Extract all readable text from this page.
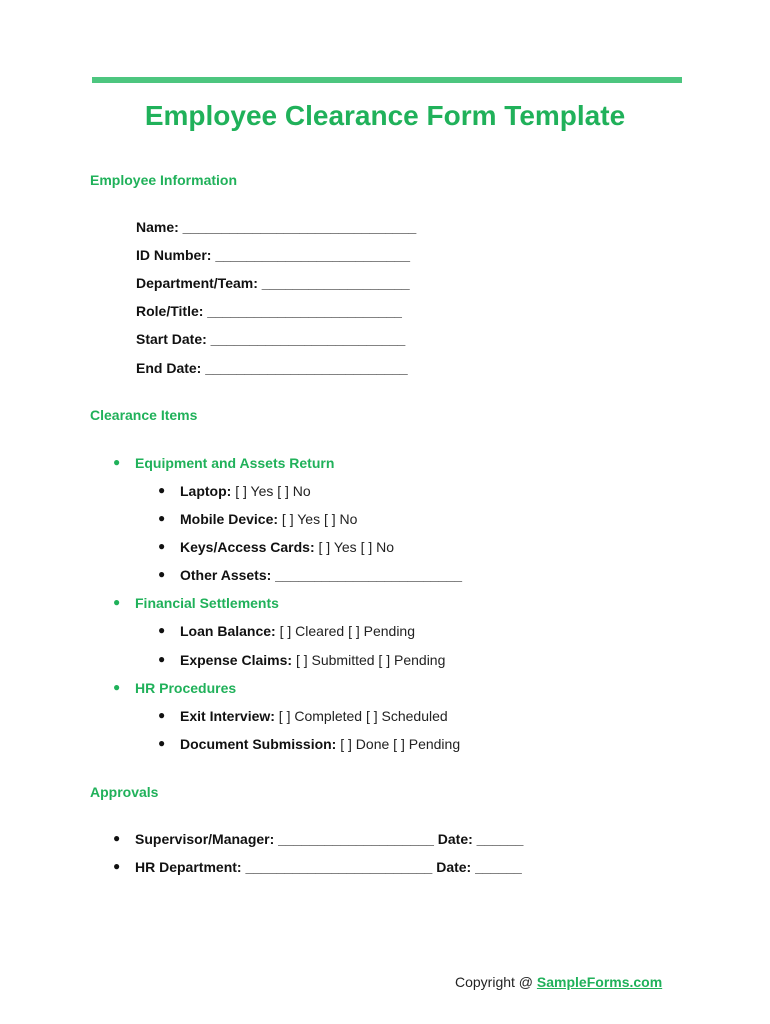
Employee Clearance Form Template
Employee Information
Name: ______________________________
ID Number: _________________________
Department/Team: ___________________
Role/Title: _________________________
Start Date: _________________________
End Date: __________________________
Clearance Items

●

Equipment and Assets Return

●

Laptop: [ ] Yes [ ] No

●

Mobile Device: [ ] Yes [ ] No

●

Keys/Access Cards: [ ] Yes [ ] No

●

Other Assets: ________________________

●

Financial Settlements

●

Loan Balance: [ ] Cleared [ ] Pending

●

Expense Claims: [ ] Submitted [ ] Pending

●

HR Procedures

●

Exit Interview: [ ] Completed [ ] Scheduled

●

Document Submission: [ ] Done [ ] Pending

Approvals

●

Supervisor/Manager: ____________________ Date: ______

●

HR Department: ________________________ Date: ______

Copyright @ SampleForms.com
